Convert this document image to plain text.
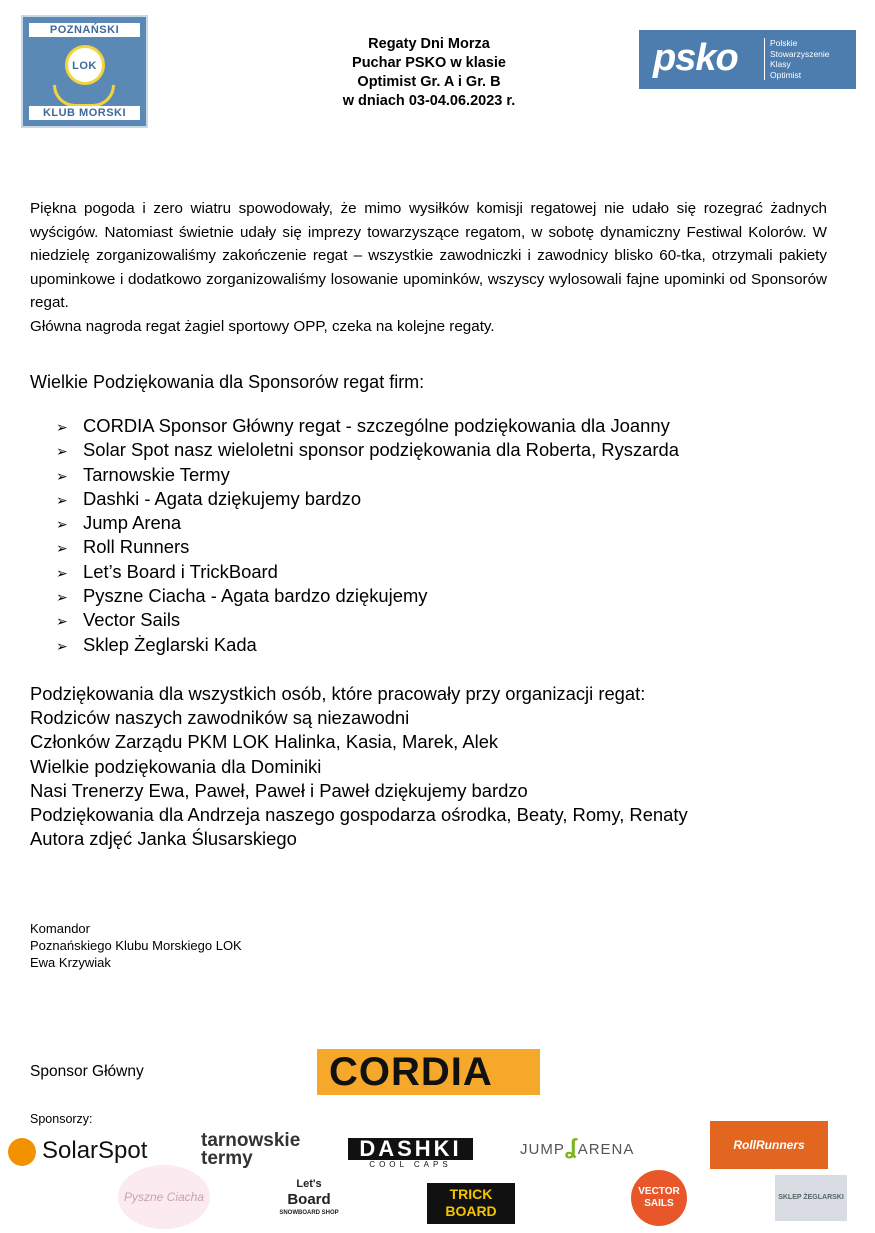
POZNAŃSKI
LOK
KLUB MORSKI
Regaty Dni Morza
Puchar PSKO w klasie
Optimist Gr. A i Gr. B
w dniach 03-04.06.2023 r.
psko	Polskie
Stowarzyszenie
Klasy
Optimist

Piękna pogoda i zero wiatru spowodowały, że mimo wysiłków komisji regatowej nie udało się rozegrać żadnych wyścigów. Natomiast świetnie udały się imprezy towarzyszące regatom, w sobotę dynamiczny Festiwal Kolorów. W niedzielę zorganizowaliśmy zakończenie regat – wszystkie zawodniczki i zawodnicy blisko 60-tka, otrzymali pakiety upominkowe i dodatkowo zorganizowaliśmy losowanie upominków, wszyscy wylosowali fajne upominki od Sponsorów regat.

Główna nagroda regat żagiel sportowy OPP, czeka na kolejne regaty.

Wielkie Podziękowania dla Sponsorów regat firm:
➢ CORDIA Sponsor Główny regat - szczególne podziękowania dla Joanny
➢ Solar Spot nasz wieloletni sponsor podziękowania dla Roberta, Ryszarda
➢ Tarnowskie Termy
➢ Dashki - Agata dziękujemy bardzo
➢ Jump Arena
➢ Roll Runners
➢ Let’s Board i TrickBoard
➢ Pyszne Ciacha - Agata bardzo dziękujemy
➢ Vector Sails
➢ Sklep Żeglarski Kada
Podziękowania dla wszystkich osób, które pracowały przy organizacji regat:
Rodziców naszych zawodników są niezawodni
Członków Zarządu PKM LOK Halinka, Kasia, Marek, Alek
Wielkie podziękowania dla Dominiki
Nasi Trenerzy Ewa, Paweł, Paweł i Paweł dziękujemy bardzo
Podziękowania dla Andrzeja naszego gospodarza ośrodka, Beaty, Romy, Renaty
Autora zdjęć Janka Ślusarskiego
Komandor
Poznańskiego Klubu Morskiego LOK
Ewa Krzywiak
Sponsor Główny	CORDIA
Sponsorzy:
SolarSpot	tarnowskie
termy	DASHKI
COOL CAPS
JUMPʆARENA	RollRunners
Pyszne Ciacha
Let's
Board
SNOWBOARD SHOP
TRICK
BOARD
VECTOR
SAILS
SKLEP ŻEGLARSKI
